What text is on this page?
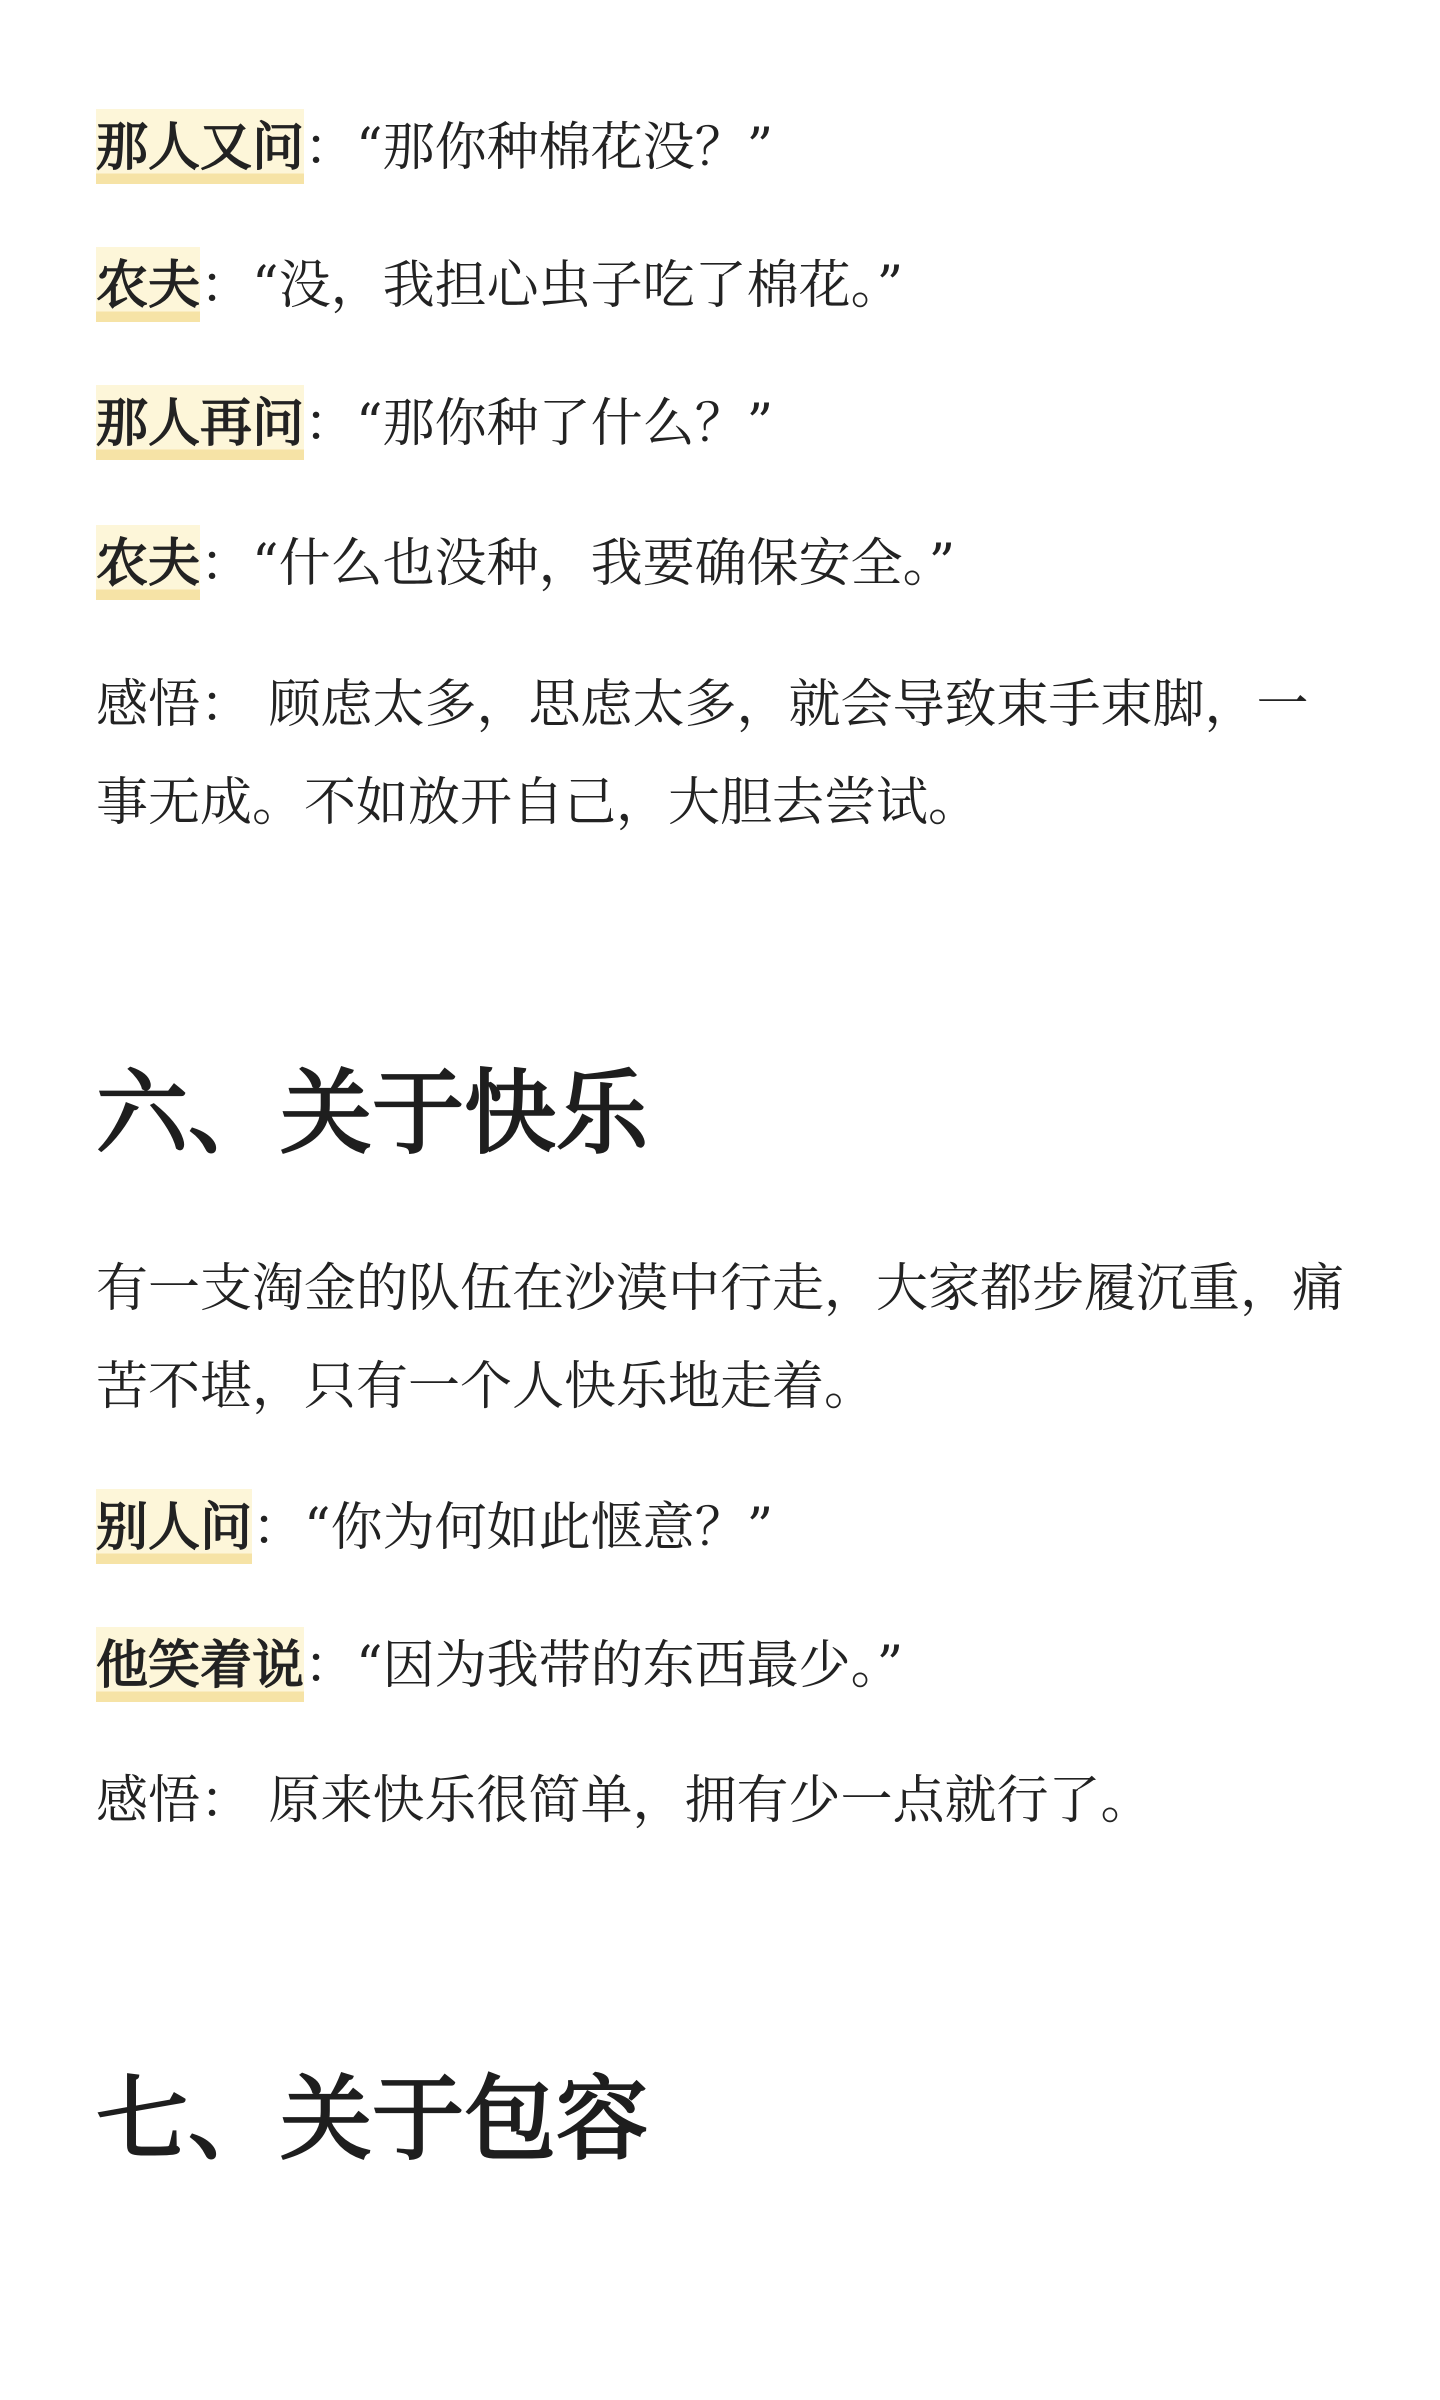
那人又问：“那你种棉花没？”
农夫：“没，我担心虫子吃了棉花。”
那人再问：“那你种了什么？”
农夫：“什么也没种，我要确保安全。”
感悟： 顾虑太多，思虑太多，就会导致束手束脚，一事无成。不如放开自己，大胆去尝试。
六、关于快乐
有一支淘金的队伍在沙漠中行走，大家都步履沉重，痛苦不堪，只有一个人快乐地走着。
别人问：“你为何如此惬意？”
他笑着说：“因为我带的东西最少。”
感悟： 原来快乐很简单，拥有少一点就行了。
七、关于包容
